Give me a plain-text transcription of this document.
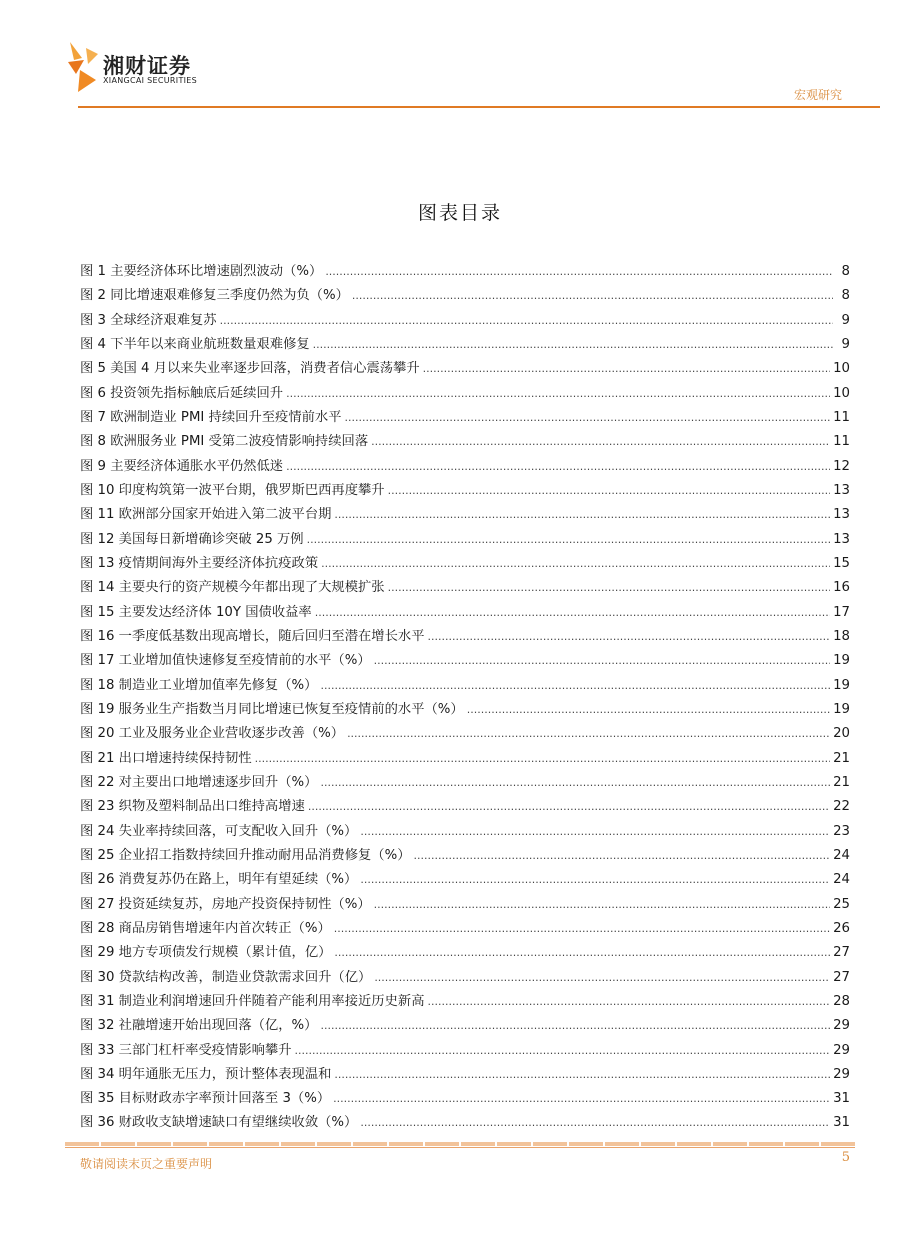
湘财证券
XIANGCAI SECURITIES
宏观研究
图表目录
图 1 主要经济体环比增速剧烈波动（%） .....	8
图 2 同比增速艰难修复三季度仍然为负（%） .....	8
图 3 全球经济艰难复苏 .....	9
图 4 下半年以来商业航班数量艰难修复 .....	9
图 5 美国 4 月以来失业率逐步回落，消费者信心震荡攀升 .....	10
图 6 投资领先指标触底后延续回升 .....	10
图 7 欧洲制造业 PMI 持续回升至疫情前水平 .....	11
图 8 欧洲服务业 PMI 受第二波疫情影响持续回落 .....	11
图 9 主要经济体通胀水平仍然低迷 .....	12
图 10 印度构筑第一波平台期，俄罗斯巴西再度攀升 .....	13
图 11 欧洲部分国家开始进入第二波平台期 .....	13
图 12 美国每日新增确诊突破 25 万例 .....	13
图 13 疫情期间海外主要经济体抗疫政策 .....	15
图 14 主要央行的资产规模今年都出现了大规模扩张 .....	16
图 15 主要发达经济体 10Y 国债收益率 .....	17
图 16 一季度低基数出现高增长，随后回归至潜在增长水平 .....	18
图 17 工业增加值快速修复至疫情前的水平（%） .....	19
图 18 制造业工业增加值率先修复（%） .....	19
图 19 服务业生产指数当月同比增速已恢复至疫情前的水平（%） .....	19
图 20 工业及服务业企业营收逐步改善（%） .....	20
图 21 出口增速持续保持韧性 .....	21
图 22 对主要出口地增速逐步回升（%） .....	21
图 23 织物及塑料制品出口维持高增速 .....	22
图 24 失业率持续回落，可支配收入回升（%） .....	23
图 25 企业招工指数持续回升推动耐用品消费修复（%） .....	24
图 26 消费复苏仍在路上，明年有望延续（%） .....	24
图 27 投资延续复苏，房地产投资保持韧性（%） .....	25
图 28 商品房销售增速年内首次转正（%） .....	26
图 29 地方专项债发行规模（累计值，亿） .....	27
图 30 贷款结构改善，制造业贷款需求回升（亿） .....	27
图 31 制造业利润增速回升伴随着产能利用率接近历史新高 .....	28
图 32 社融增速开始出现回落（亿，%） .....	29
图 33 三部门杠杆率受疫情影响攀升 .....	29
图 34 明年通胀无压力，预计整体表现温和 .....	29
图 35 目标财政赤字率预计回落至 3（%） .....	31
图 36 财政收支缺增速缺口有望继续收敛（%） .....	31
敬请阅读末页之重要声明	5
